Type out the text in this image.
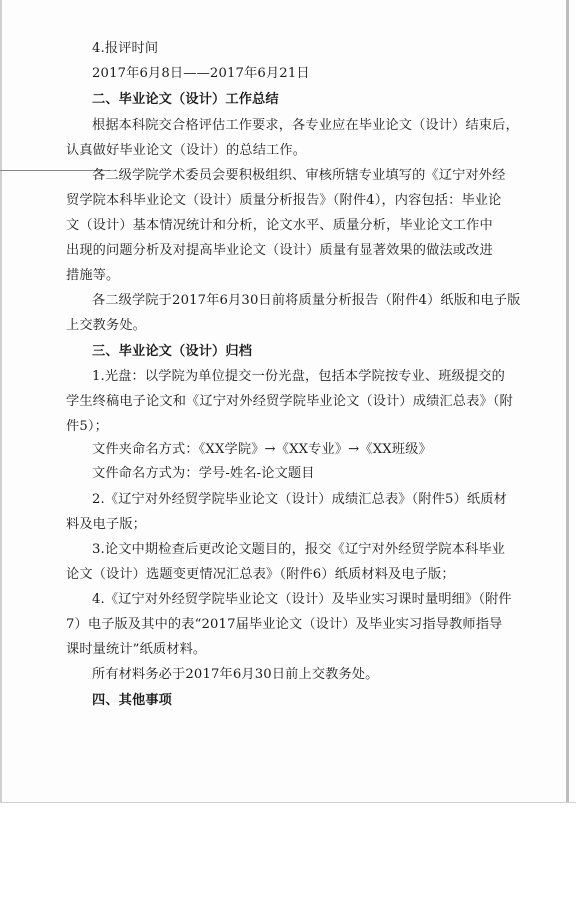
4.报评时间
2017年6月8日——2017年6月21日
二、毕业论文（设计）工作总结
根据本科院交合格评估工作要求，各专业应在毕业论文（设计）结束后，
认真做好毕业论文（设计）的总结工作。
各二级学院学术委员会要积极组织、审核所辖专业填写的《辽宁对外经
贸学院本科毕业论文（设计）质量分析报告》（附件4），内容包括：毕业论
文（设计）基本情况统计和分析，论文水平、质量分析，毕业论文工作中
出现的问题分析及对提高毕业论文（设计）质量有显著效果的做法或改进
措施等。
各二级学院于2017年6月30日前将质量分析报告（附件4）纸版和电子版
上交教务处。
三、毕业论文（设计）归档
1.光盘：以学院为单位提交一份光盘，包括本学院按专业、班级提交的
学生终稿电子论文和《辽宁对外经贸学院毕业论文（设计）成绩汇总表》（附
件5）；
文件夹命名方式：《XX学院》→《XX专业》→《XX班级》
文件命名方式为：学号-姓名-论文题目
2.《辽宁对外经贸学院毕业论文（设计）成绩汇总表》（附件5）纸质材
料及电子版；
3.论文中期检查后更改论文题目的，报交《辽宁对外经贸学院本科毕业
论文（设计）选题变更情况汇总表》（附件6）纸质材料及电子版；
4.《辽宁对外经贸学院毕业论文（设计）及毕业实习课时量明细》（附件
7）电子版及其中的表“2017届毕业论文（设计）及毕业实习指导教师指导
课时量统计”纸质材料。
所有材料务必于2017年6月30日前上交教务处。
四、其他事项
